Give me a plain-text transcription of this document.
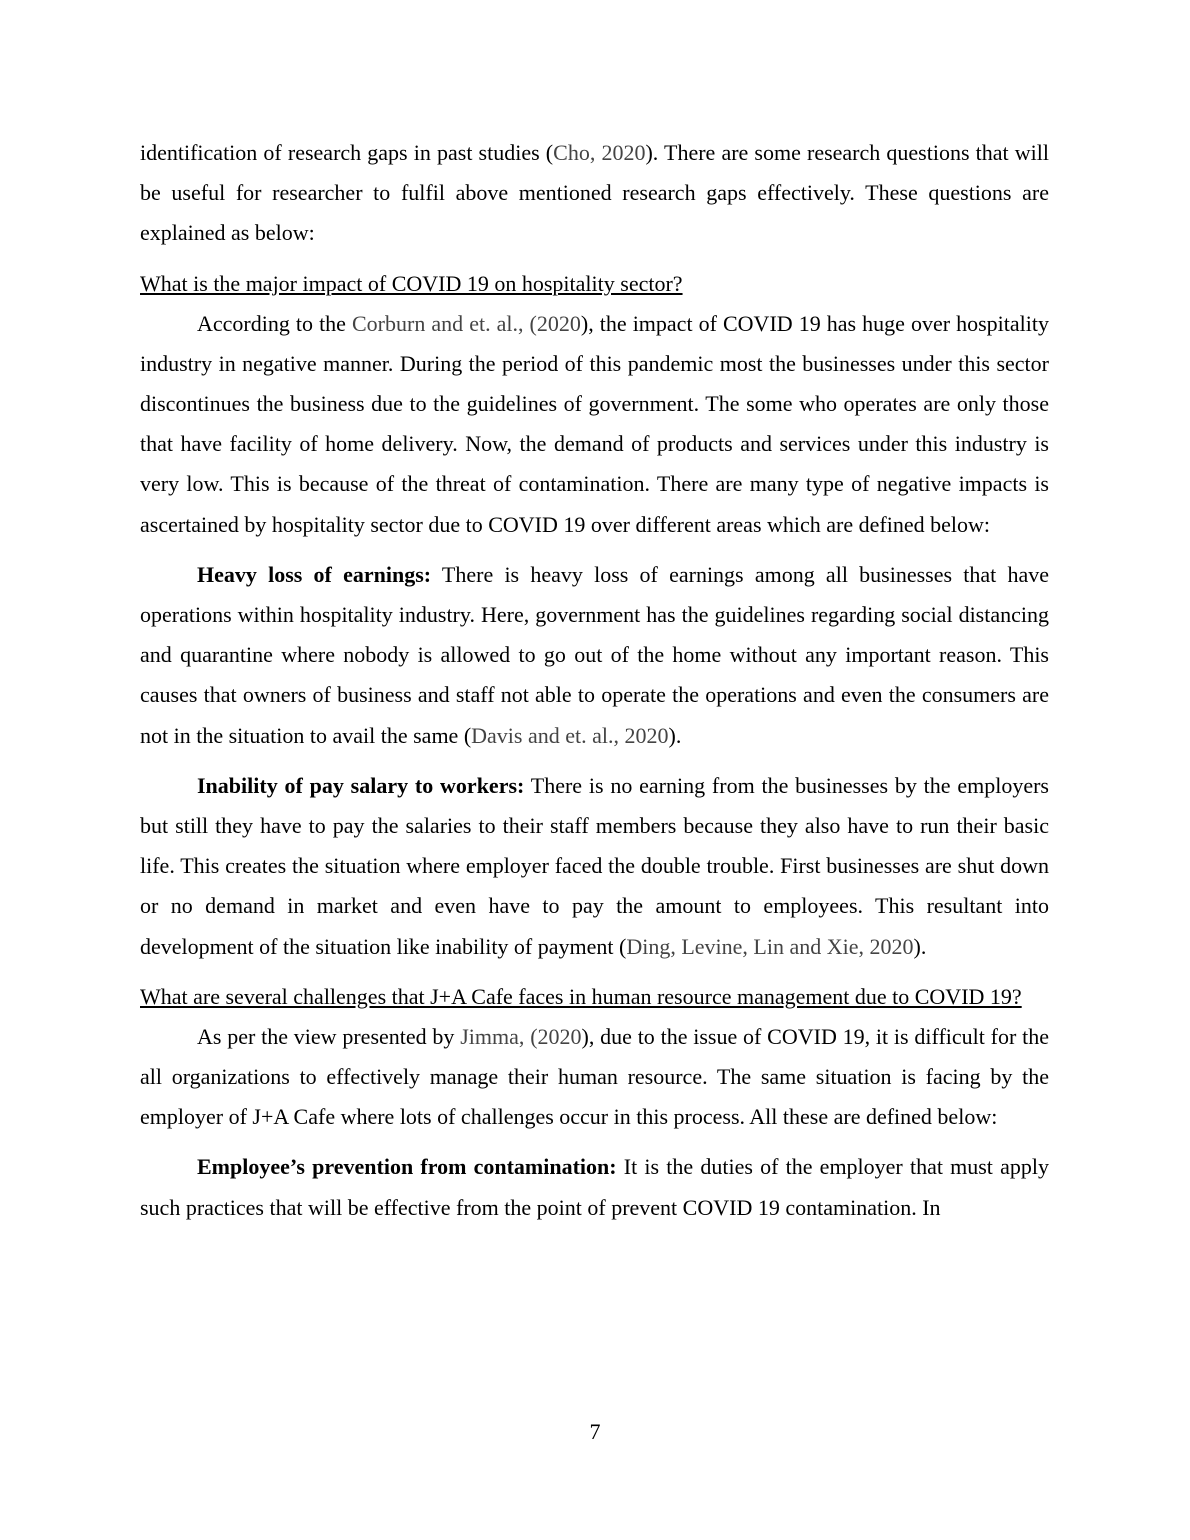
identification of research gaps in past studies (Cho, 2020). There are some research questions that will be useful for researcher to fulfil above mentioned research gaps effectively. These questions are explained as below:

What is the major impact of COVID 19 on hospitality sector?

According to the Corburn and et. al., (2020), the impact of COVID 19 has huge over hospitality industry in negative manner. During the period of this pandemic most the businesses under this sector discontinues the business due to the guidelines of government. The some who operates are only those that have facility of home delivery. Now, the demand of products and services under this industry is very low. This is because of the threat of contamination. There are many type of negative impacts is ascertained by hospitality sector due to COVID 19 over different areas which are defined below:

Heavy loss of earnings: There is heavy loss of earnings among all businesses that have operations within hospitality industry. Here, government has the guidelines regarding social distancing and quarantine where nobody is allowed to go out of the home without any important reason. This causes that owners of business and staff not able to operate the operations and even the consumers are not in the situation to avail the same (Davis and et. al., 2020).

Inability of pay salary to workers: There is no earning from the businesses by the employers but still they have to pay the salaries to their staff members because they also have to run their basic life. This creates the situation where employer faced the double trouble. First businesses are shut down or no demand in market and even have to pay the amount to employees. This resultant into development of the situation like inability of payment (Ding, Levine, Lin and Xie, 2020).

What are several challenges that J+A Cafe faces in human resource management due to COVID 19?

As per the view presented by Jimma, (2020), due to the issue of COVID 19, it is difficult for the all organizations to effectively manage their human resource. The same situation is facing by the employer of J+A Cafe where lots of challenges occur in this process. All these are defined below:

Employee’s prevention from contamination: It is the duties of the employer that must apply such practices that will be effective from the point of prevent COVID 19 contamination. In

7
